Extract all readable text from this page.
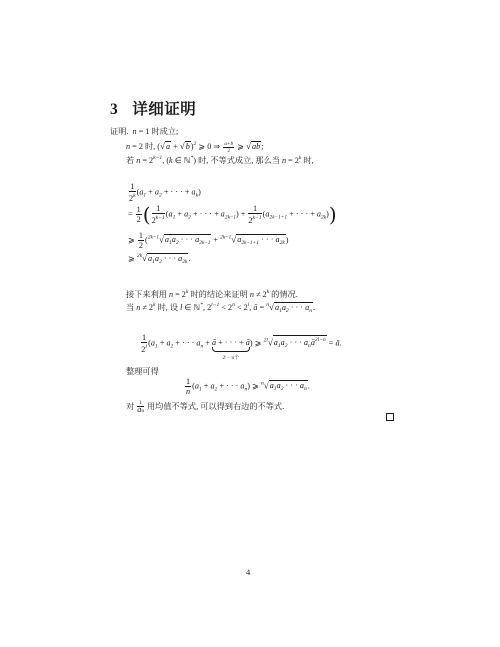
3 详细证明
证明.  n = 1 时成立;
n = 2 时, $(√a + √b)^2$ ⩾ 0 ⇒ $\frac{a+b}{2}$ ⩾ √ab;
若 $n = 2^{k-1}$, (k ∈ ℕ*) 时, 不等式成立, 那么当 $n = 2^k$ 时,
$\frac{1}{2^k} (a_1 + a_2$ + · · · + $a_k$)
= $\frac{1}{2}$ ( $\frac{1}{2^{k-1}} (a_1 + a_2$ + · · · + $a_{2k-1}) + \frac{1}{2^{k-1}} (a_{2k-1+1}$ + · · · + $a_{2k}$))
⩾ $\frac{1}{2} (^{2k-1}√a_1a_2$ · · · $a_{2k-1} + ^{2k-1}√a_{2k-1+1}$ · · · $a_{2k}$)
⩾ $^{2k}√a_1a_2$ · · · $a_{2k}$.
接下来利用 $n = 2^k$ 时的结论来证明 $n \ne 2^k$ 的情况.
当 $n \ne 2^k$ 时, 设 l ∈ ℕ*, $2^{l-1} < 2^n < 2^l$, ā = $^n√a_1a_2$ · · · $a_n$.
$\frac{1}{2^l} (a_1 + a_2$ + · · · $a_n$ + ā + · · · + ā
2ˡ − n个
) ⩾ $^{2l}√a_1a_2$ · · · $a_nā^{2l-n}$ = ā.
整理可得
$\frac{1}{n} (a_1 + a_2$ + · · · $a_n$) ⩾ $^n√a_1a_2$ · · · $a_n$.
对 $\frac{1}{an}$ 用均值不等式, 可以得到右边的不等式.
4
